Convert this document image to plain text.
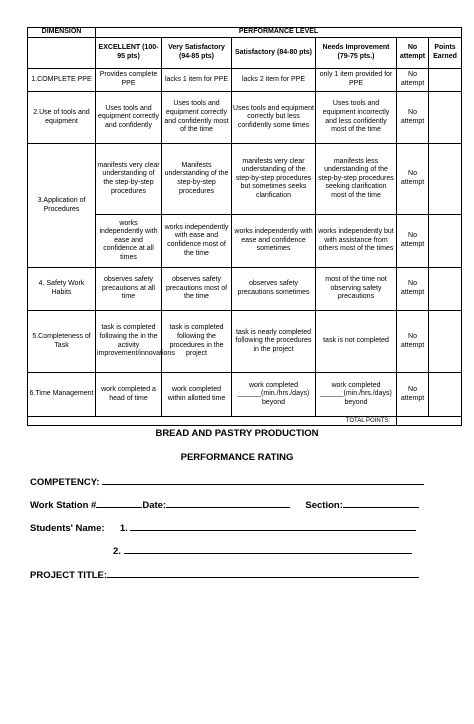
DIMENSION	PERFORMANCE LEVEL					
	EXCELLENT (100-95 pts)	Very Satisfactory (94-85 pts)	Satisfactory (84-80 pts)	Needs Improvement (79-75 pts.)	No attempt	Points Earned
1.COMPLETE PPE	Provides complete PPE	lacks 1 item for PPE	lacks 2 item for PPE	only 1 item provided for PPE	No attempt	
2.Use of tools and equipment	Uses tools and equipment correctly and confidently	Uses tools and equipment correctly and confidently most of the time	Uses tools and equipment correctly but less confidently some times	Uses tools and equipment incorrectly and less confidently most of the time	No attempt	
3.Application of Procedures	manifests very clear understanding of the step-by-step procedures	Manifests understanding of the step-by-step procedures	manifests very clear understanding of the step-by-step procedures but sometimes seeks clarification	manifests less understanding of the step-by-step procedures seeking clarification most of the time	No attempt	
	works independently with ease and confidence at all times	works independently with ease and confidence most of the time	works independently with ease and confidence sometimes	works independently but with assistance from others most of the times	No attempt	
4. Safety Work Habits	observes safety precautions at all time	observes safety precautions most of the time	observes safety precautions sometimes	most of the time not observing safety precautions	No attempt	
5.Completeness of Task	task is completed following the in the activity improvement/innovations	task is completed following the procedures in the project	task is nearly completed following the procedures in the project	task is not completed	No attempt	
6.Time Management	work completed a head of time	work completed within allotted time	work completed ______(min./hrs./days) beyond	work completed ______(min./hrs./days) beyond	No attempt	
TOTAL POINTS:						
BREAD AND PASTRY PRODUCTION
PERFORMANCE RATING
COMPETENCY:
Work Station #	Date:	Section:
Students' Name: 1.
2.
PROJECT TITLE:
